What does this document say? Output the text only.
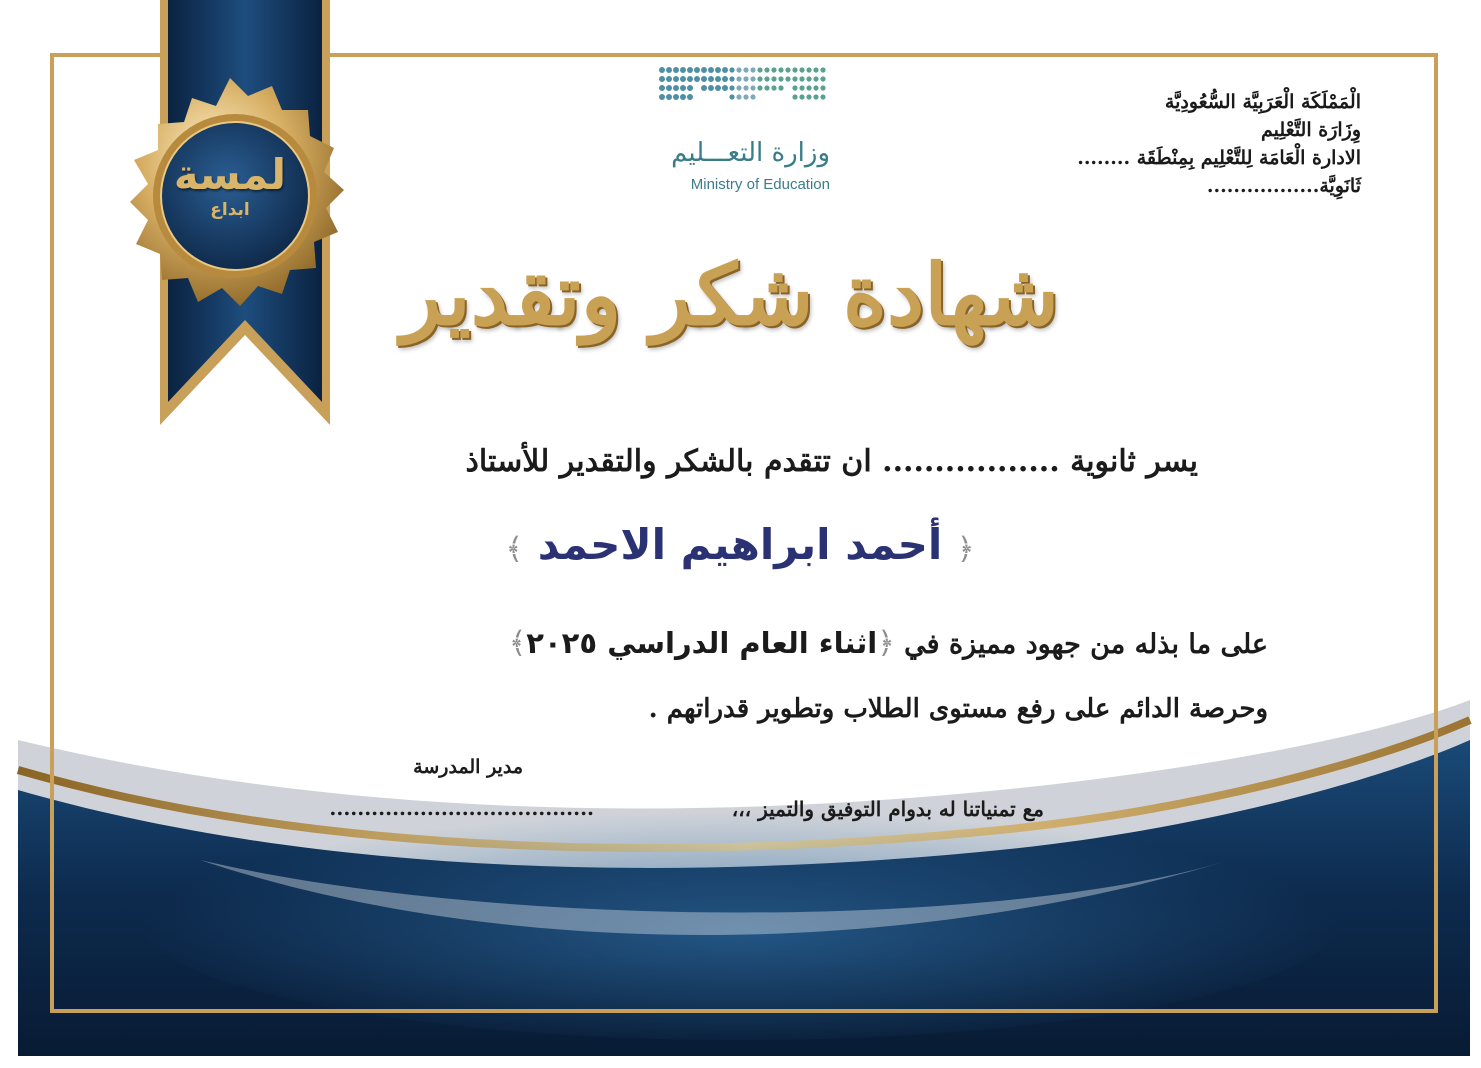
لمسة
ابداع
الْمَمْلَكَة الْعَرَبِيَّة السُّعُودِيَّة
وِزَارَة التَّعْلِيم
الادارة الْعَامَة لِلتَّعْلِيم بِمِنْطَقَة ........
ثَانَوِيَّة.................
وزارة التعـــليم
Ministry of Education
شهادة شكر وتقدير
يسر ثانوية ................. ان تتقدم بالشكر والتقدير للأستاذ
﴿ أحمد ابراهيم الاحمد ﴾
على ما بذله من جهود مميزة في ﴿اثناء العام الدراسي ٢٠٢٥﴾
وحرصة الدائم على رفع مستوى الطلاب وتطوير قدراتهم .
مدير المدرسة
مع تمنياتنا له بدوام التوفيق والتميز ،،،
......................................
